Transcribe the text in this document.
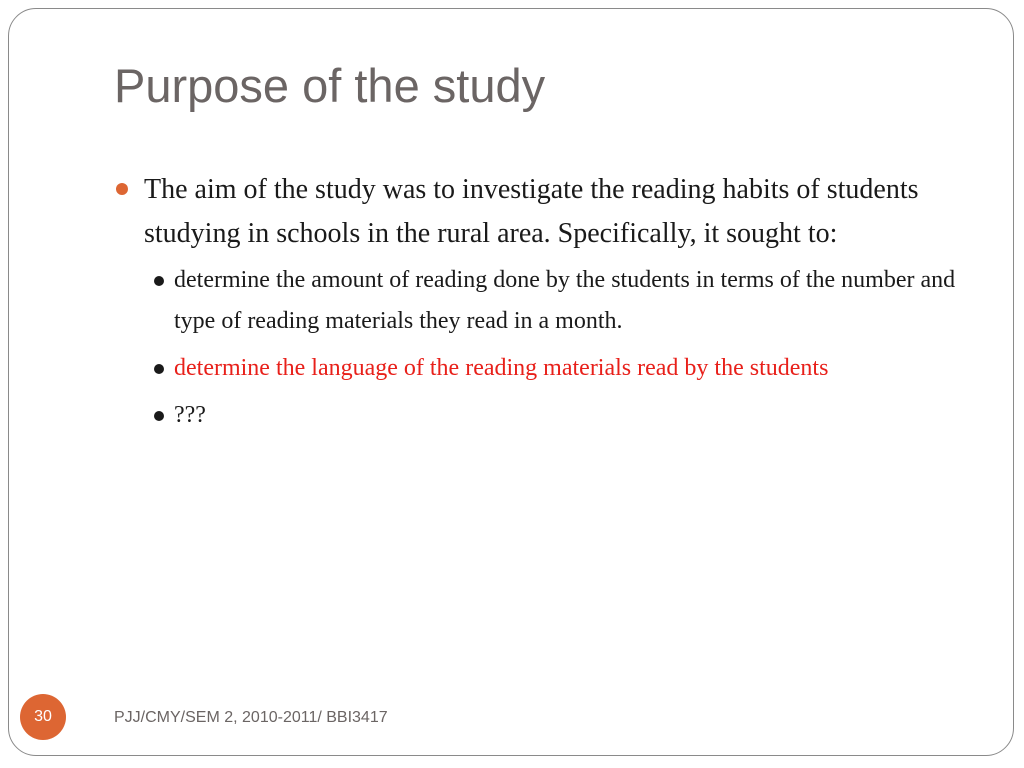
Purpose of the study
The aim of the study was to investigate the reading habits of students studying in schools in the rural area. Specifically, it sought to:
determine the amount of reading done by the students in terms of the number and type of reading materials they read in a month.
determine the language of the reading materials read by the students
???
30	PJJ/CMY/SEM 2, 2010-2011/ BBI3417
